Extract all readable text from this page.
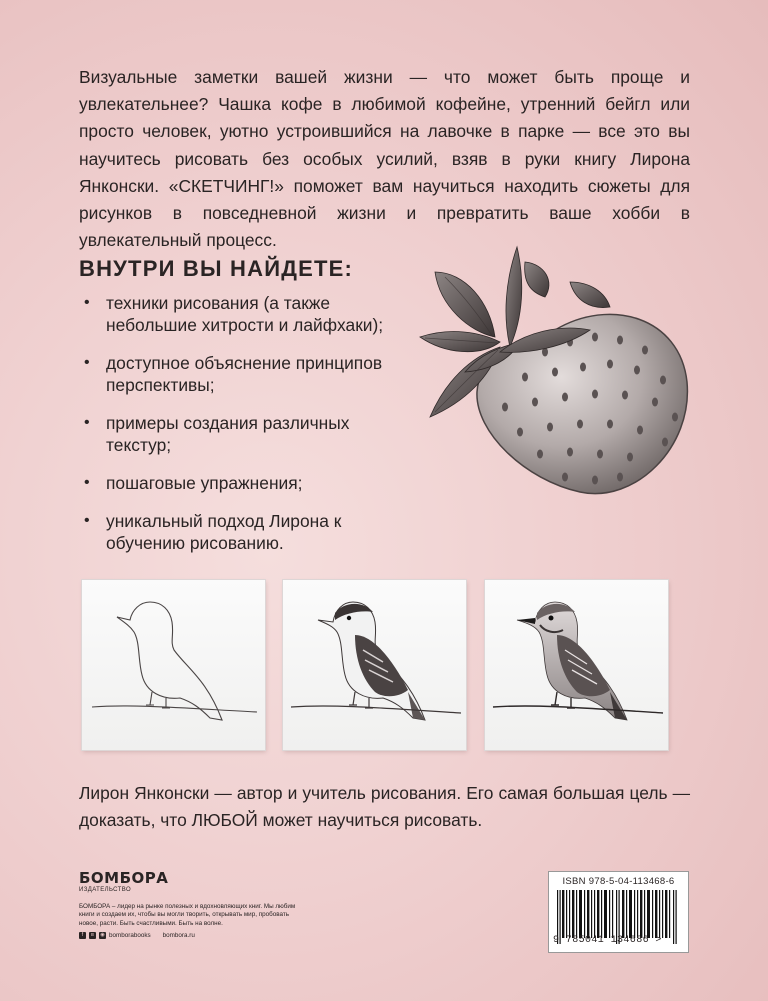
Визуальные заметки вашей жизни — что может быть проще и увлекательнее? Чашка кофе в любимой кофейне, утренний бейгл или просто человек, уютно устроившийся на лавочке в парке — все это вы научитесь рисовать без особых усилий, взяв в руки книгу Лирона Янконски. «СКЕТЧИНГ!» поможет вам научиться находить сюжеты для рисунков в повседневной жизни и превратить ваше хобби в увлекательный процесс.

ВНУТРИ ВЫ НАЙДЕТЕ:
• техники рисования (а также небольшие хитрости и лайфхаки);
• доступное объяснение принципов перспективы;
• примеры создания различных текстур;
• пошаговые упражнения;
• уникальный подход Лирона к обучению рисованию.

Лирон Янконски — автор и учитель рисования. Его самая большая цель — доказать, что ЛЮБОЙ может научиться рисовать.

БОМБОРА
ИЗДАТЕЛЬСТВО
БОМБОРА – лидер на рынке полезных и вдохновляющих книг. Мы любим книги и создаем их, чтобы вы могли творить, открывать мир, пробовать новое, расти. Быть счастливыми. Быть на волне.
f	в	◉ bomborabooks bombora.ru
ISBN 978-5-04-113468-6
9 785041 134686 >
